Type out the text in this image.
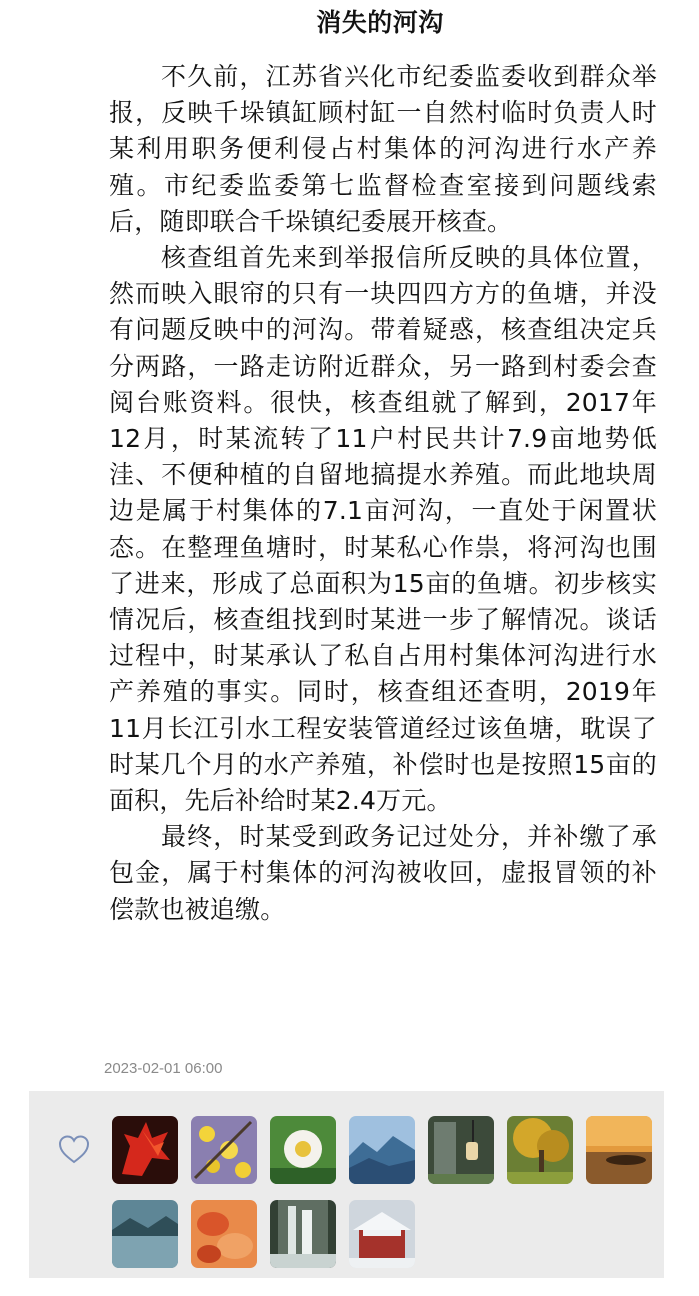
消失的河沟

不久前，江苏省兴化市纪委监委收到群众举报，反映千垛镇缸顾村缸一自然村临时负责人时某利用职务便利侵占村集体的河沟进行水产养殖。市纪委监委第七监督检查室接到问题线索后，随即联合千垛镇纪委展开核查。

核查组首先来到举报信所反映的具体位置，然而映入眼帘的只有一块四四方方的鱼塘，并没有问题反映中的河沟。带着疑惑，核查组决定兵分两路，一路走访附近群众，另一路到村委会查阅台账资料。很快，核查组就了解到，2017年12月，时某流转了11户村民共计7.9亩地势低洼、不便种植的自留地搞提水养殖。而此地块周边是属于村集体的7.1亩河沟，一直处于闲置状态。在整理鱼塘时，时某私心作祟，将河沟也围了进来，形成了总面积为15亩的鱼塘。初步核实情况后，核查组找到时某进一步了解情况。谈话过程中，时某承认了私自占用村集体河沟进行水产养殖的事实。同时，核查组还查明，2019年11月长江引水工程安装管道经过该鱼塘，耽误了时某几个月的水产养殖，补偿时也是按照15亩的面积，先后补给时某2.4万元。

最终，时某受到政务记过处分，并补缴了承包金，属于村集体的河沟被收回，虚报冒领的补偿款也被追缴。

2023-02-01 06:00
